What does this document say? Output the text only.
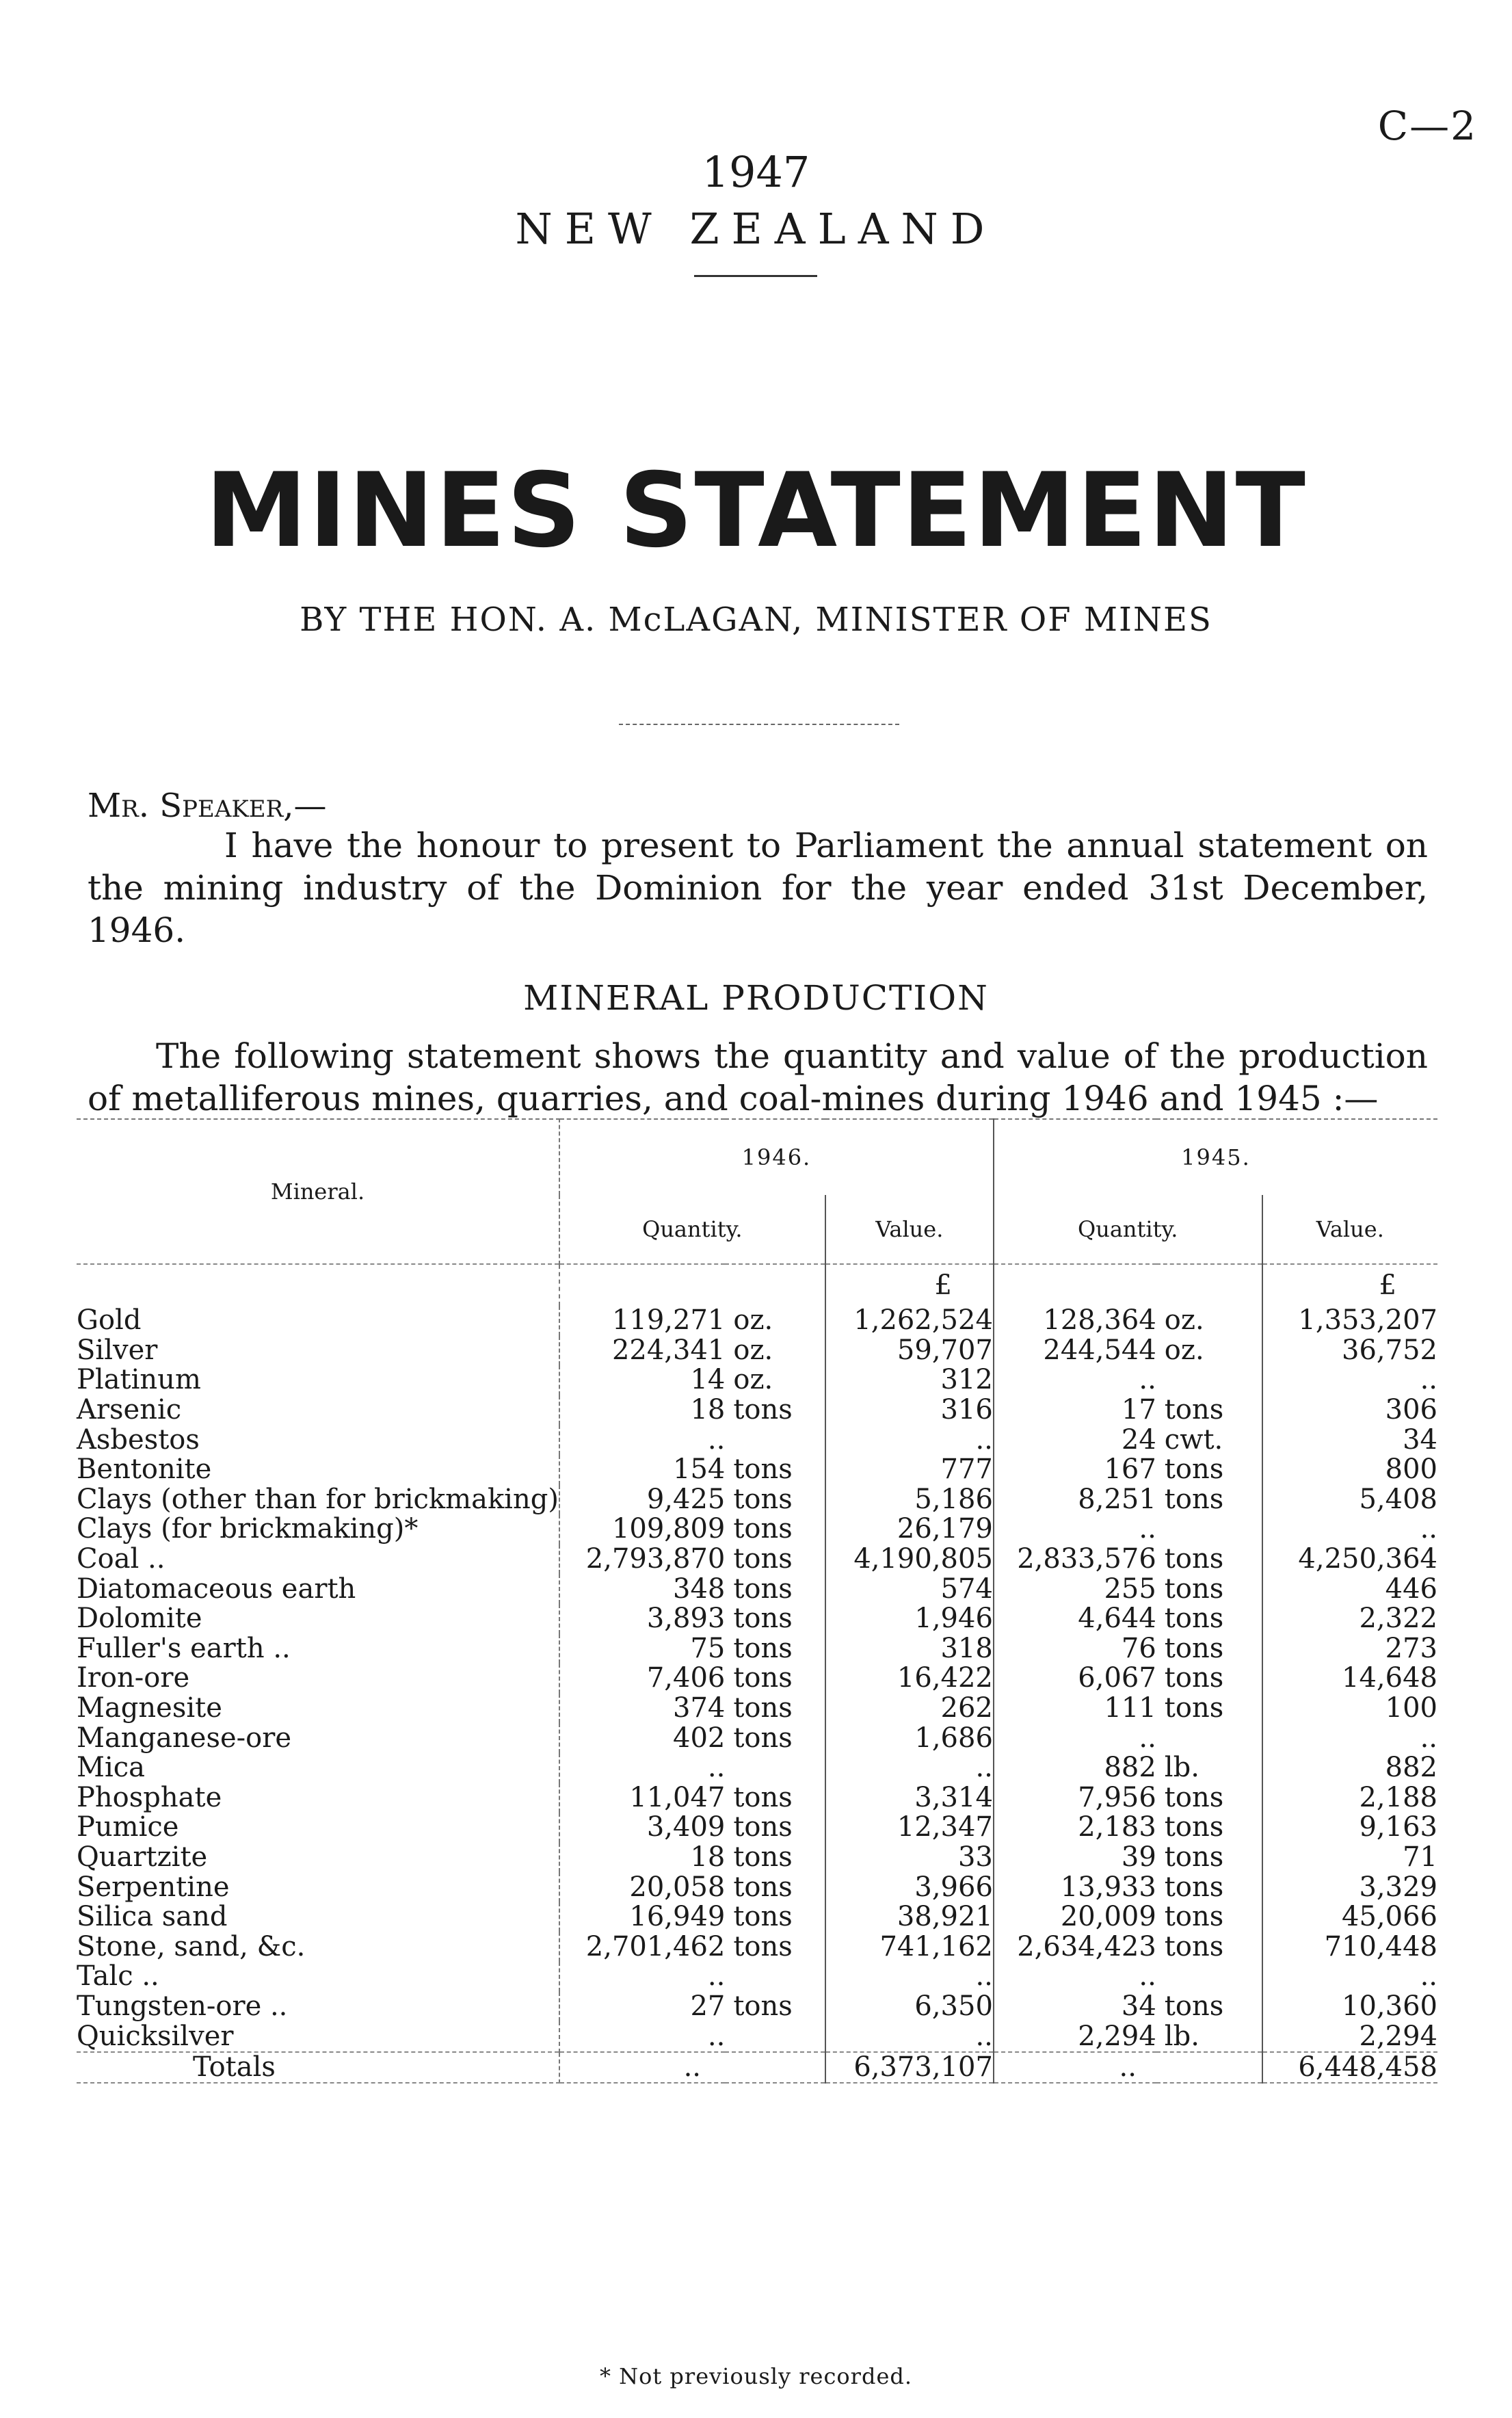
C—2
1947
NEW ZEALAND
MINES STATEMENT
BY THE HON. A. McLAGAN, MINISTER OF MINES
Mr. Speaker,—
I have the honour to present to Parliament the annual statement on the mining industry of the Dominion for the year ended 31st December, 1946.
MINERAL PRODUCTION
The following statement shows the quantity and value of the production of metalliferous mines, quarries, and coal-mines during 1946 and 1945 :—
Mineral.	1946.			1945.		
	Quantity.		Value.	Quantity.		Value.
			£			£
Gold	119,271	oz.	1,262,524	128,364	oz.	1,353,207
Silver	224,341	oz.	59,707	244,544	oz.	36,752
Platinum	14	oz.	312	..		..
Arsenic	18	tons	316	17	tons	306
Asbestos	..		..	24	cwt.	34
Bentonite	154	tons	777	167	tons	800
Clays (other than for brickmaking)	9,425	tons	5,186	8,251	tons	5,408
Clays (for brickmaking)*	109,809	tons	26,179	..		..
Coal ..	2,793,870	tons	4,190,805	2,833,576	tons	4,250,364
Diatomaceous earth	348	tons	574	255	tons	446
Dolomite	3,893	tons	1,946	4,644	tons	2,322
Fuller's earth ..	75	tons	318	76	tons	273
Iron-ore	7,406	tons	16,422	6,067	tons	14,648
Magnesite	374	tons	262	111	tons	100
Manganese-ore	402	tons	1,686	..		..
Mica	..		..	882	lb.	882
Phosphate	11,047	tons	3,314	7,956	tons	2,188
Pumice	3,409	tons	12,347	2,183	tons	9,163
Quartzite	18	tons	33	39	tons	71
Serpentine	20,058	tons	3,966	13,933	tons	3,329
Silica sand	16,949	tons	38,921	20,009	tons	45,066
Stone, sand, &c.	2,701,462	tons	741,162	2,634,423	tons	710,448
Talc ..	..		..	..		..
Tungsten-ore ..	27	tons	6,350	34	tons	10,360
Quicksilver	..		..	2,294	lb.	2,294
Totals	..		6,373,107	..		6,448,458
* Not previously recorded.
